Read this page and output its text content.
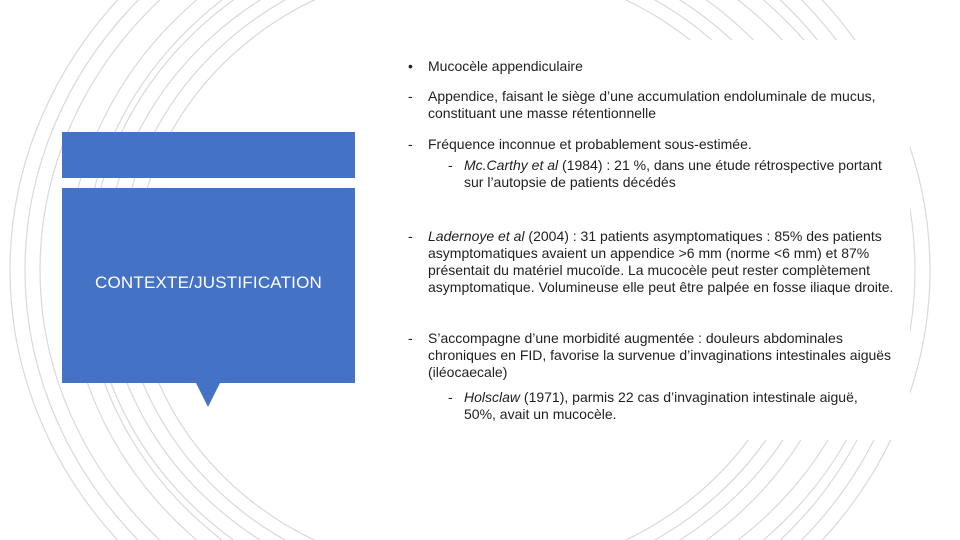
CONTEXTE/JUSTIFICATION
• Mucocèle appendiculaire
- Appendice, faisant le siège d’une accumulation endoluminale de mucus, constituant une masse rétentionnelle
- Fréquence inconnue et probablement sous-estimée.
- Mc.Carthy et al (1984) : 21 %, dans une étude rétrospective portant sur l’autopsie de patients décédés
- Ladernoye et al (2004) : 31 patients asymptomatiques : 85% des patients asymptomatiques avaient un appendice >6 mm (norme <6 mm) et 87% présentait du matériel mucoïde. La mucocèle peut rester complètement asymptomatique. Volumineuse elle peut être palpée en fosse iliaque droite.
- S’accompagne d’une morbidité augmentée : douleurs abdominales chroniques en FID, favorise la survenue d’invaginations intestinales aiguës (iléocaecale)
- Holsclaw (1971), parmis 22 cas d’invagination intestinale aiguë, 50%, avait un mucocèle.
